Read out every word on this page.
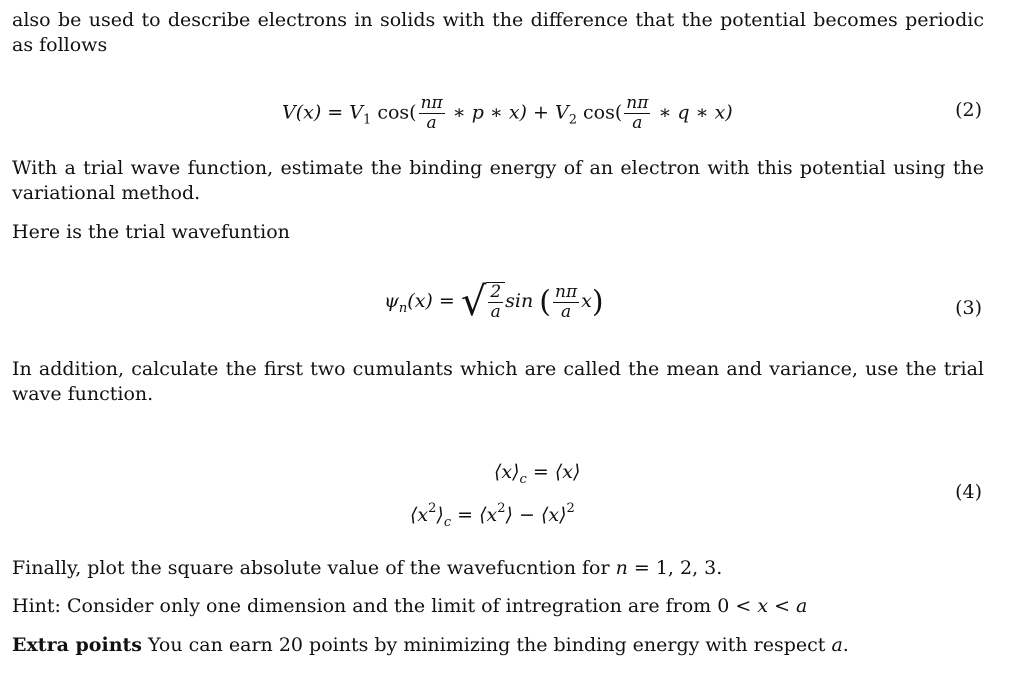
also be used to describe electrons in solids with the difference that the potential becomes periodic as follows
$V(x) = V_1$ $\cos( \frac{n\pi}{a}$ ∗ p ∗ $x) + V_2$ $\cos( \frac{n\pi}{a}$ ∗ q ∗ x)	(2)
With a trial wave function, estimate the binding energy of an electron with this potential using the variational method.
Here is the trial wavefuntion
$\psi_n(x)$ = √ $\frac{2}{a}$ sin ( $\frac{n\pi}{a} x$)	(3)
In addition, calculate the first two cumulants which are called the mean and variance, use the trial wave function.
$⟨x⟩_c$ = ⟨x⟩
$⟨x^2⟩_c$ = $⟨x^2⟩$ − ⟨x⟩$^2$
(4)
Finally, plot the square absolute value of the wavefucntion for n = 1, 2, 3.
Hint: Consider only one dimension and the limit of intregration are from 0 < x < a
Extra points You can earn 20 points by minimizing the binding energy with respect a.
